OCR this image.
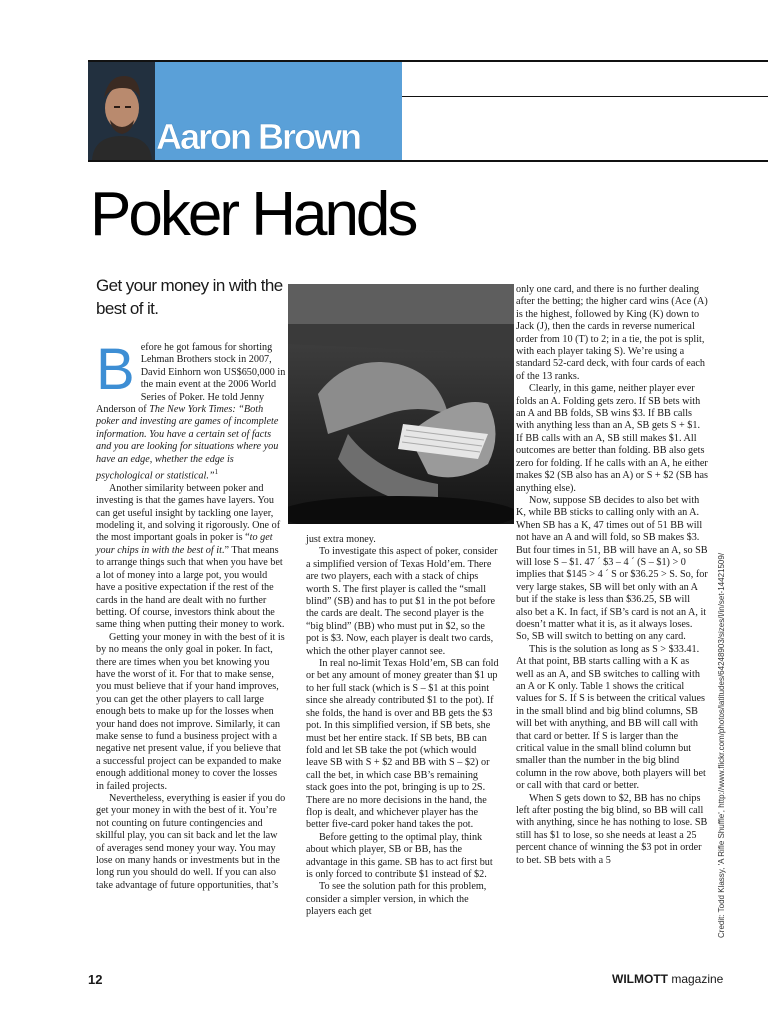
Aaron Brown
Poker Hands
Get your money in with the best of it.

Before he got famous for shorting Lehman Brothers stock in 2007, David Einhorn won US$650,000 in the main event at the 2006 World Series of Poker. He told Jenny Anderson of The New York Times: “Both poker and investing are games of incomplete information. You have a certain set of facts and you are looking for situations where you have an edge, whether the edge is psychological or statistical.”$^1$

Another similarity between poker and investing is that the games have layers. You can get useful insight by tackling one layer, modeling it, and solving it rigorously. One of the most important goals in poker is “to get your chips in with the best of it.” That means to arrange things such that when you have bet a lot of money into a large pot, you would have a positive expectation if the rest of the cards in the hand are dealt with no further betting. Of course, investors think about the same thing when putting their money to work.

Getting your money in with the best of it is by no means the only goal in poker. In fact, there are times when you bet knowing you have the worst of it. For that to make sense, you must believe that if your hand improves, you can get the other players to call large enough bets to make up for the losses when your hand does not improve. Similarly, it can make sense to fund a business project with a negative net present value, if you believe that a successful project can be expanded to make enough additional money to cover the losses in failed projects.

Nevertheless, everything is easier if you do get your money in with the best of it. You’re not counting on future contingencies and skillful play, you can sit back and let the law of averages send money your way. You may lose on many hands or investments but in the long run you should do well. If you can also take advantage of future opportunities, that’s

just extra money.

To investigate this aspect of poker, consider a simplified version of Texas Hold’em. There are two players, each with a stack of chips worth S. The first player is called the “small blind” (SB) and has to put $1 in the pot before the cards are dealt. The second player is the “big blind” (BB) who must put in $2, so the pot is $3. Now, each player is dealt two cards, which the other player cannot see.

In real no-limit Texas Hold’em, SB can fold or bet any amount of money greater than $1 up to her full stack (which is S – $1 at this point since she already contributed $1 to the pot). If she folds, the hand is over and BB gets the $3 pot. In this simplified version, if SB bets, she must bet her entire stack. If SB bets, BB can fold and let SB take the pot (which would leave SB with S + $2 and BB with S – $2) or call the bet, in which case BB’s remaining stack goes into the pot, bringing is up to 2S. There are no more decisions in the hand, the flop is dealt, and whichever player has the better five-card poker hand takes the pot.

Before getting to the optimal play, think about which player, SB or BB, has the advantage in this game. SB has to act first but is only forced to contribute $1 instead of $2.

To see the solution path for this problem, consider a simpler version, in which the players each get

only one card, and there is no further dealing after the betting; the higher card wins (Ace (A) is the highest, followed by King (K) down to Jack (J), then the cards in reverse numerical order from 10 (T) to 2; in a tie, the pot is split, with each player taking S). We’re using a standard 52-card deck, with four cards of each of the 13 ranks.

Clearly, in this game, neither player ever folds an A. Folding gets zero. If SB bets with an A and BB folds, SB wins $3. If BB calls with anything less than an A, SB gets S + $1. If BB calls with an A, SB still makes $1. All outcomes are better than folding. BB also gets zero for folding. If he calls with an A, he either makes $2 (SB also has an A) or S + $2 (SB has anything else).

Now, suppose SB decides to also bet with K, while BB sticks to calling only with an A. When SB has a K, 47 times out of 51 BB will not have an A and will fold, so SB makes $3. But four times in 51, BB will have an A, so SB will lose S – $1. 47 ´ $3 – 4 ´ (S – $1) > 0 implies that $145 > 4 ´ S or $36.25 > S. So, for very large stakes, SB will bet only with an A but if the stake is less than $36.25, SB will also bet a K. In fact, if SB’s card is not an A, it doesn’t matter what it is, as it always loses. So, SB will switch to betting on any card.

This is the solution as long as S > $33.41. At that point, BB starts calling with a K as well as an A, and SB switches to calling with an A or K only. Table 1 shows the critical values for S. If S is between the critical values in the small blind and big blind columns, SB will bet with anything, and BB will call with that card or better. If S is larger than the critical value in the small blind column but smaller than the number in the big blind column in the row above, both players will bet or call with that card or better.

When S gets down to $2, BB has no chips left after posting the big blind, so BB will call with anything, since he has nothing to lose. SB still has $1 to lose, so she needs at least a 25 percent chance of winning the $3 pot in order to bet. SB bets with a 5	Credit: Todd Klassy, 'A Rifle Shuffle', http://www.flickr.com/photos/latitudes/64248903/sizes/l/in/set-14421509/
12	WILMOTT magazine
